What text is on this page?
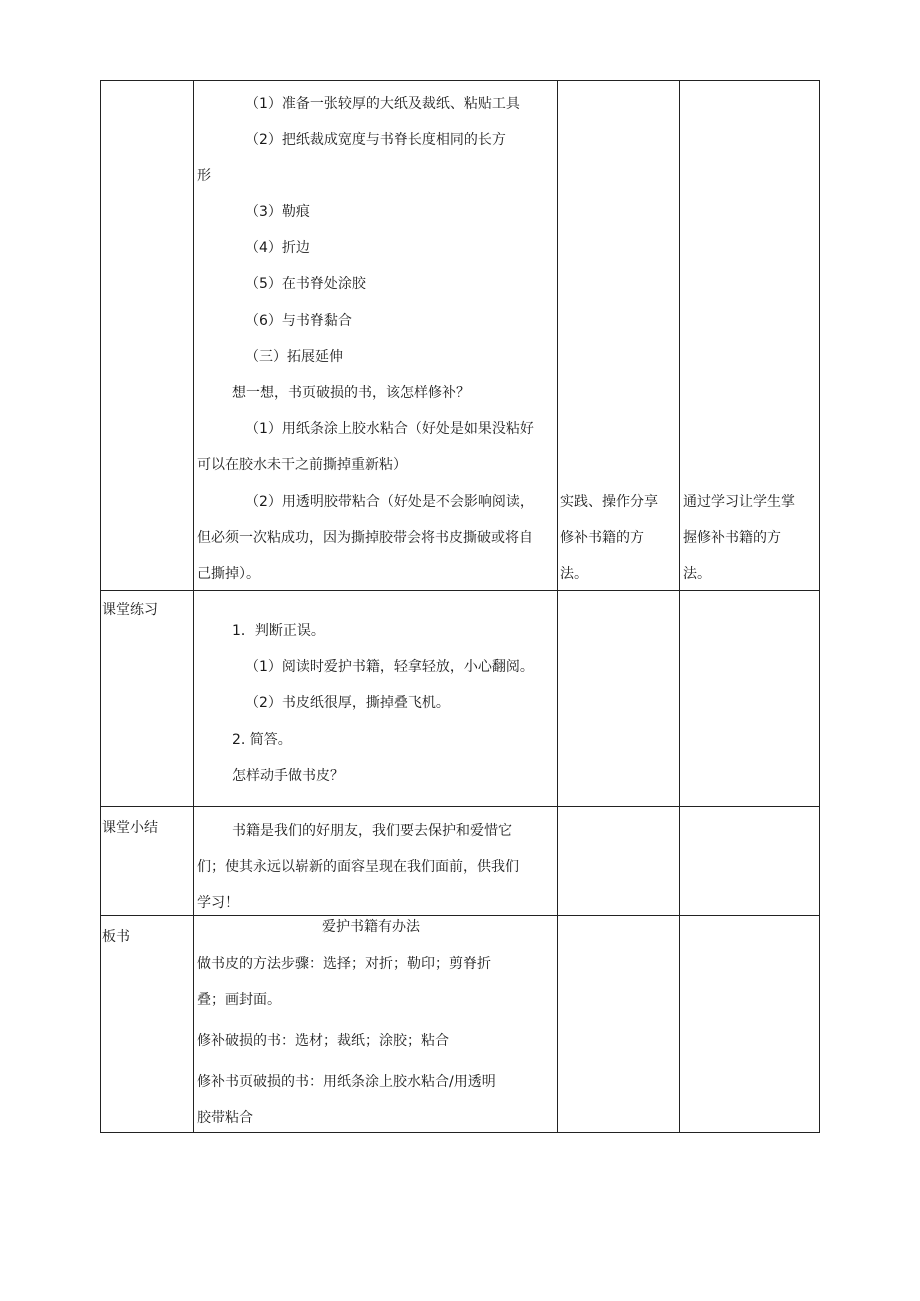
（1）准备一张较厚的大纸及裁纸、粘贴工具
（2）把纸裁成宽度与书脊长度相同的长方
形
（3）勒痕
（4）折边
（5）在书脊处涂胶
（6）与书脊黏合
（三）拓展延伸
想一想，书页破损的书，该怎样修补？
（1）用纸条涂上胶水粘合（好处是如果没粘好
可以在胶水未干之前撕掉重新粘）
（2）用透明胶带粘合（好处是不会影响阅读，
但必须一次粘成功，因为撕掉胶带会将书皮撕破或将自
己撕掉）。
实践、操作分享
修补书籍的方
法。
通过学习让学生掌
握修补书籍的方
法。
课堂练习
1．判断正误。
（1）阅读时爱护书籍，轻拿轻放，小心翻阅。
（2）书皮纸很厚，撕掉叠飞机。
2. 简答。
怎样动手做书皮？
课堂小结	书籍是我们的好朋友，我们要去保护和爱惜它
们；使其永远以崭新的面容呈现在我们面前，供我们
学习！
板书
爱护书籍有办法
做书皮的方法步骤：选择；对折；勒印；剪脊折
叠；画封面。
修补破损的书：选材；裁纸；涂胶；粘合
修补书页破损的书：用纸条涂上胶水粘合/用透明
胶带粘合
